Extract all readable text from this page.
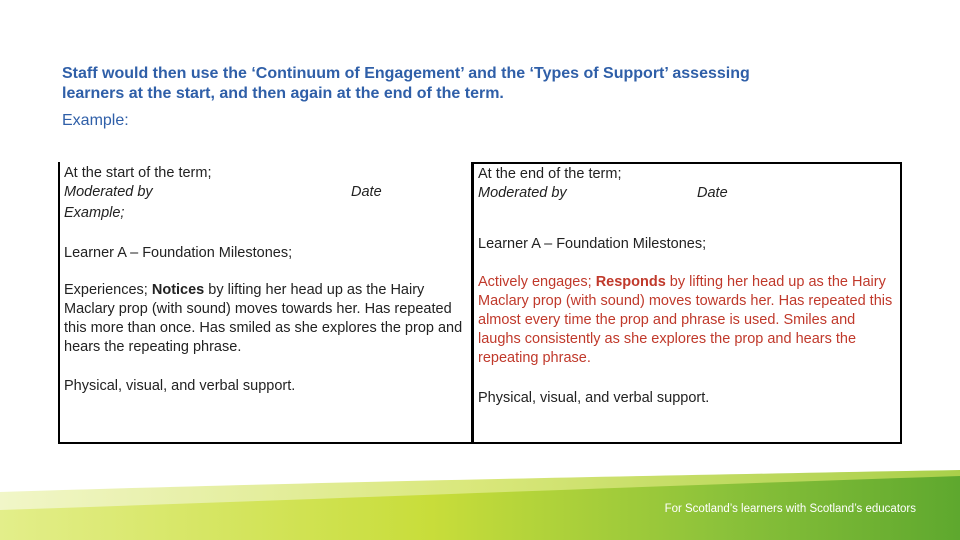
Staff would then use the ‘Continuum of Engagement’ and the ‘Types of Support’ assessing
learners at the start, and then again at the end of the term.
Example:
At the start of the term;
Moderated by	Date
Example;
Learner A – Foundation Milestones;
Experiences; Notices by lifting her head up as the Hairy Maclary prop (with sound) moves towards her. Has repeated this more than once. Has smiled as she explores the prop and hears the repeating phrase.
Physical, visual, and verbal support.
At the end of the term;
Moderated by	Date
Learner A – Foundation Milestones;
Actively engages; Responds by lifting her head up as the Hairy Maclary prop (with sound) moves towards her. Has repeated this almost every time the prop and phrase is used. Smiles and laughs consistently as she explores the prop and hears the repeating phrase.
Physical, visual, and verbal support.
For Scotland’s learners with Scotland’s educators
